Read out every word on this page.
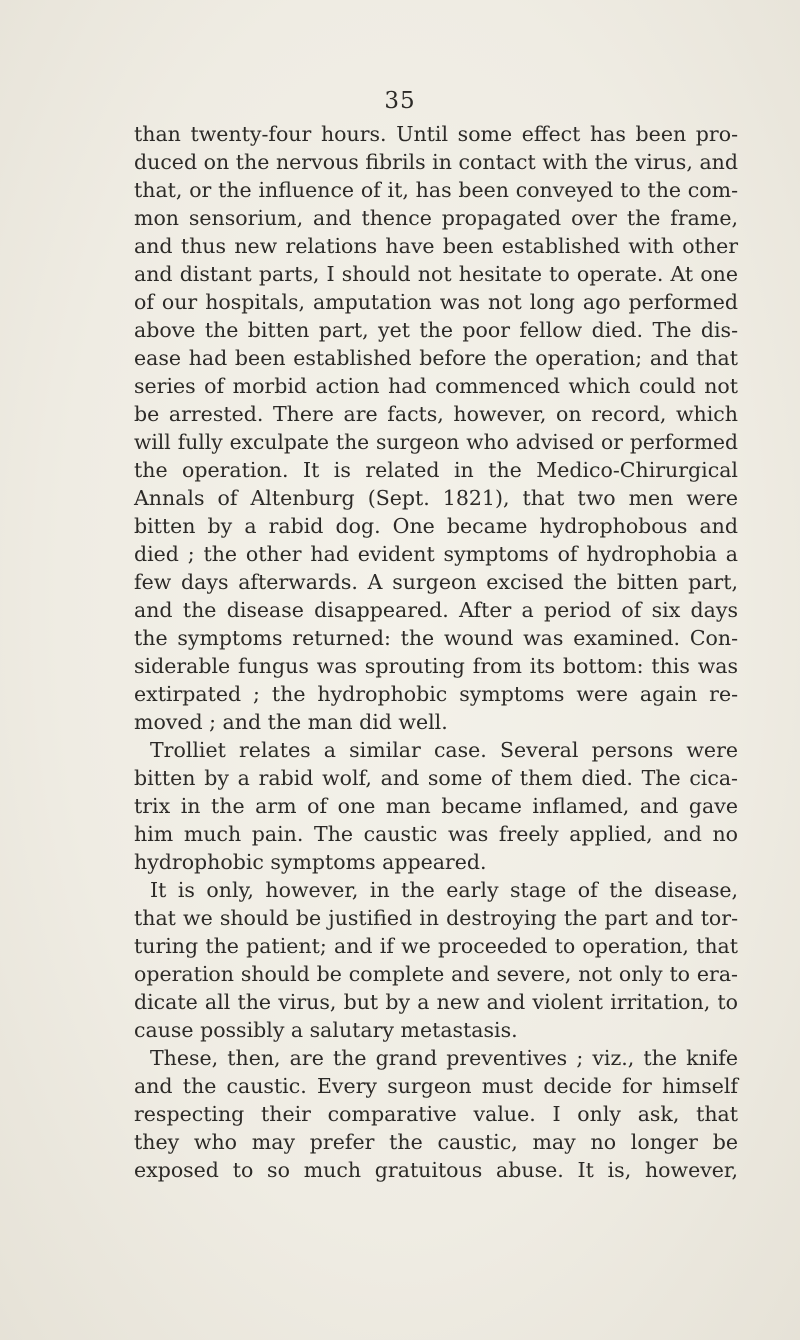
35
than twenty-four hours. Until some effect has been pro-
duced on the nervous fibrils in contact with the virus, and
that, or the influence of it, has been conveyed to the com-
mon sensorium, and thence propagated over the frame,
and thus new relations have been established with other
and distant parts, I should not hesitate to operate. At one
of our hospitals, amputation was not long ago performed
above the bitten part, yet the poor fellow died. The dis-
ease had been established before the operation; and that
series of morbid action had commenced which could not
be arrested. There are facts, however, on record, which
will fully exculpate the surgeon who advised or performed
the operation. It is related in the Medico-Chirurgical
Annals of Altenburg (Sept. 1821), that two men were
bitten by a rabid dog. One became hydrophobous and
died ; the other had evident symptoms of hydrophobia a
few days afterwards. A surgeon excised the bitten part,
and the disease disappeared. After a period of six days
the symptoms returned: the wound was examined. Con-
siderable fungus was sprouting from its bottom: this was
extirpated ; the hydrophobic symptoms were again re-
moved ; and the man did well.
Trolliet relates a similar case. Several persons were
bitten by a rabid wolf, and some of them died. The cica-
trix in the arm of one man became inflamed, and gave
him much pain. The caustic was freely applied, and no
hydrophobic symptoms appeared.
It is only, however, in the early stage of the disease,
that we should be justified in destroying the part and tor-
turing the patient; and if we proceeded to operation, that
operation should be complete and severe, not only to era-
dicate all the virus, but by a new and violent irritation, to
cause possibly a salutary metastasis.
These, then, are the grand preventives ; viz., the knife
and the caustic. Every surgeon must decide for himself
respecting their comparative value. I only ask, that
they who may prefer the caustic, may no longer be
exposed to so much gratuitous abuse. It is, however,
